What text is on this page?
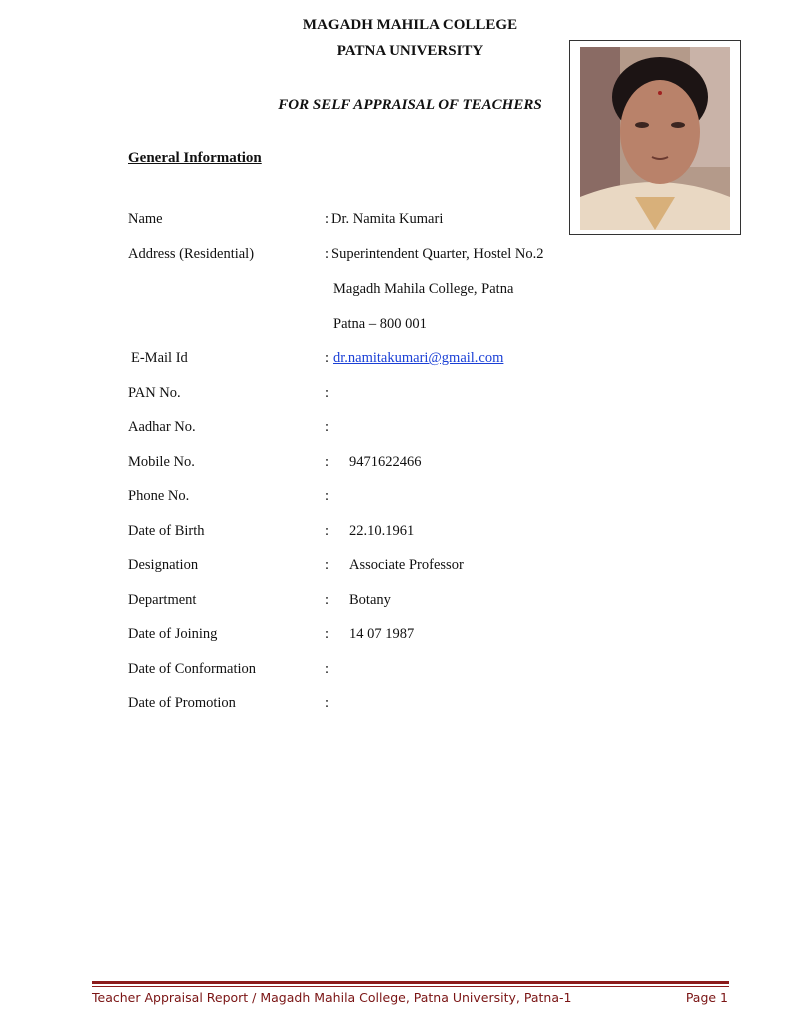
MAGADH MAHILA COLLEGE
PATNA UNIVERSITY
FOR SELF APPRAISAL OF TEACHERS
General Information
Name	: Dr. Namita Kumari
Address (Residential)	: Superintendent Quarter, Hostel No.2
Magadh Mahila College, Patna
Patna – 800 001
E-Mail Id	: dr.namitakumari@gmail.com
PAN No.	:
Aadhar No.	:
Mobile No.	: 9471622466
Phone No.	:
Date of Birth	: 22.10.1961
Designation	: Associate Professor
Department	: Botany
Date of Joining	: 14 07 1987
Date of Conformation	:
Date of Promotion	:
Teacher Appraisal Report / Magadh Mahila College, Patna University, Patna-1	Page 1
